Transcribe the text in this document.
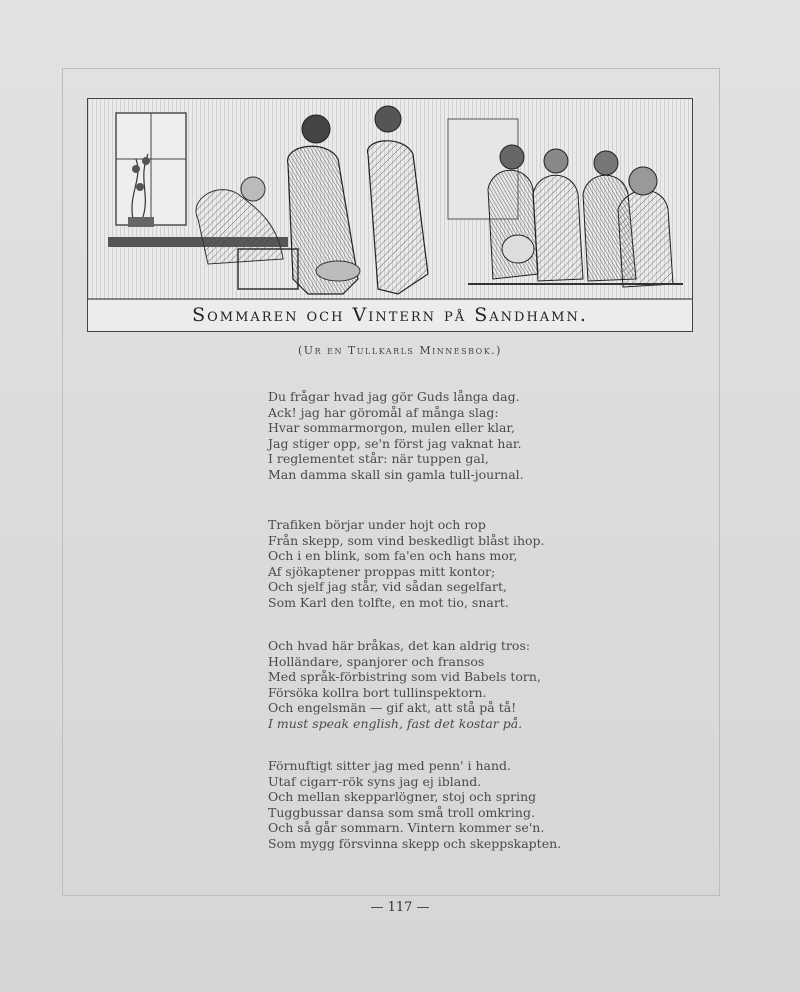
Sommaren och Vintern på Sandhamn.
(Ur en Tullkarls Minnesbok.)
Du frågar hvad jag gör Guds långa dag.
Ack! jag har göromål af många slag:
Hvar sommarmorgon, mulen eller klar,
Jag stiger opp, se'n först jag vaknat har.
I reglementet står: när tuppen gal,
Man damma skall sin gamla tull-journal.
Trafiken börjar under hojt och rop
Från skepp, som vind beskedligt blåst ihop.
Och i en blink, som fa'en och hans mor,
Af sjökaptener proppas mitt kontor;
Och sjelf jag står, vid sådan segelfart,
Som Karl den tolfte, en mot tio, snart.
Och hvad här bråkas, det kan aldrig tros:
Holländare, spanjorer och fransos
Med språk-förbistring som vid Babels torn,
Försöka kollra bort tullinspektorn.
Och engelsmän — gif akt, att stå på tå!
I must speak english, fast det kostar på.
Förnuftigt sitter jag med penn' i hand.
Utaf cigarr-rök syns jag ej ibland.
Och mellan skepparlögner, stoj och spring
Tuggbussar dansa som små troll omkring.
Och så går sommarn. Vintern kommer se'n.
Som mygg försvinna skepp och skeppskapten.
— 117 —
